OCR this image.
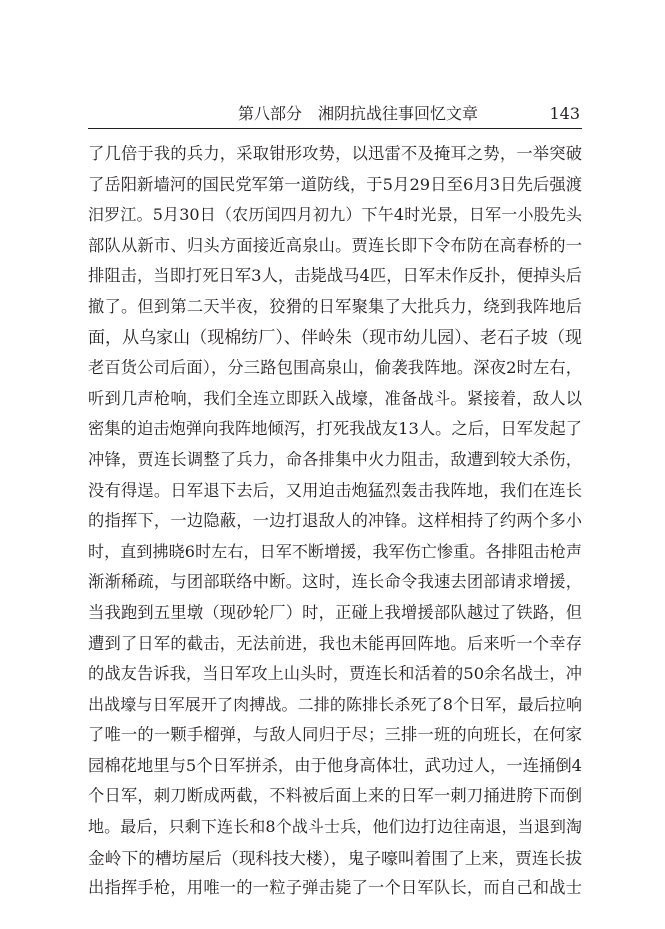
第八部分　湘阴抗战往事回忆文章	143
了几倍于我的兵力，采取钳形攻势，以迅雷不及掩耳之势，一举突破
了岳阳新墙河的国民党军第一道防线，于5月29日至6月3日先后强渡
汨罗江。5月30日（农历闰四月初九）下午4时光景，日军一小股先头
部队从新市、归头方面接近高泉山。贾连长即下令布防在高春桥的一
排阻击，当即打死日军3人，击毙战马4匹，日军未作反扑，便掉头后
撤了。但到第二天半夜，狡猾的日军聚集了大批兵力，绕到我阵地后
面，从乌家山（现棉纺厂）、伴岭朱（现市幼儿园）、老石子坡（现
老百货公司后面），分三路包围高泉山，偷袭我阵地。深夜2时左右，
听到几声枪响，我们全连立即跃入战壕，准备战斗。紧接着，敌人以
密集的迫击炮弹向我阵地倾泻，打死我战友13人。之后，日军发起了
冲锋，贾连长调整了兵力，命各排集中火力阻击，敌遭到较大杀伤，
没有得逞。日军退下去后，又用迫击炮猛烈轰击我阵地，我们在连长
的指挥下，一边隐蔽，一边打退敌人的冲锋。这样相持了约两个多小
时，直到拂晓6时左右，日军不断增援，我军伤亡惨重。各排阻击枪声
渐渐稀疏，与团部联络中断。这时，连长命令我速去团部请求增援，
当我跑到五里墩（现砂轮厂）时，正碰上我增援部队越过了铁路，但
遭到了日军的截击，无法前进，我也未能再回阵地。后来听一个幸存
的战友告诉我，当日军攻上山头时，贾连长和活着的50余名战士，冲
出战壕与日军展开了肉搏战。二排的陈排长杀死了8个日军，最后拉响
了唯一的一颗手榴弹，与敌人同归于尽；三排一班的向班长，在何家
园棉花地里与5个日军拼杀，由于他身高体壮，武功过人，一连捅倒4
个日军，刺刀断成两截，不料被后面上来的日军一刺刀捅进胯下而倒
地。最后，只剩下连长和8个战斗士兵，他们边打边往南退，当退到淘
金岭下的槽坊屋后（现科技大楼），鬼子嚎叫着围了上来，贾连长拔
出指挥手枪，用唯一的一粒子弹击毙了一个日军队长，而自己和战士
